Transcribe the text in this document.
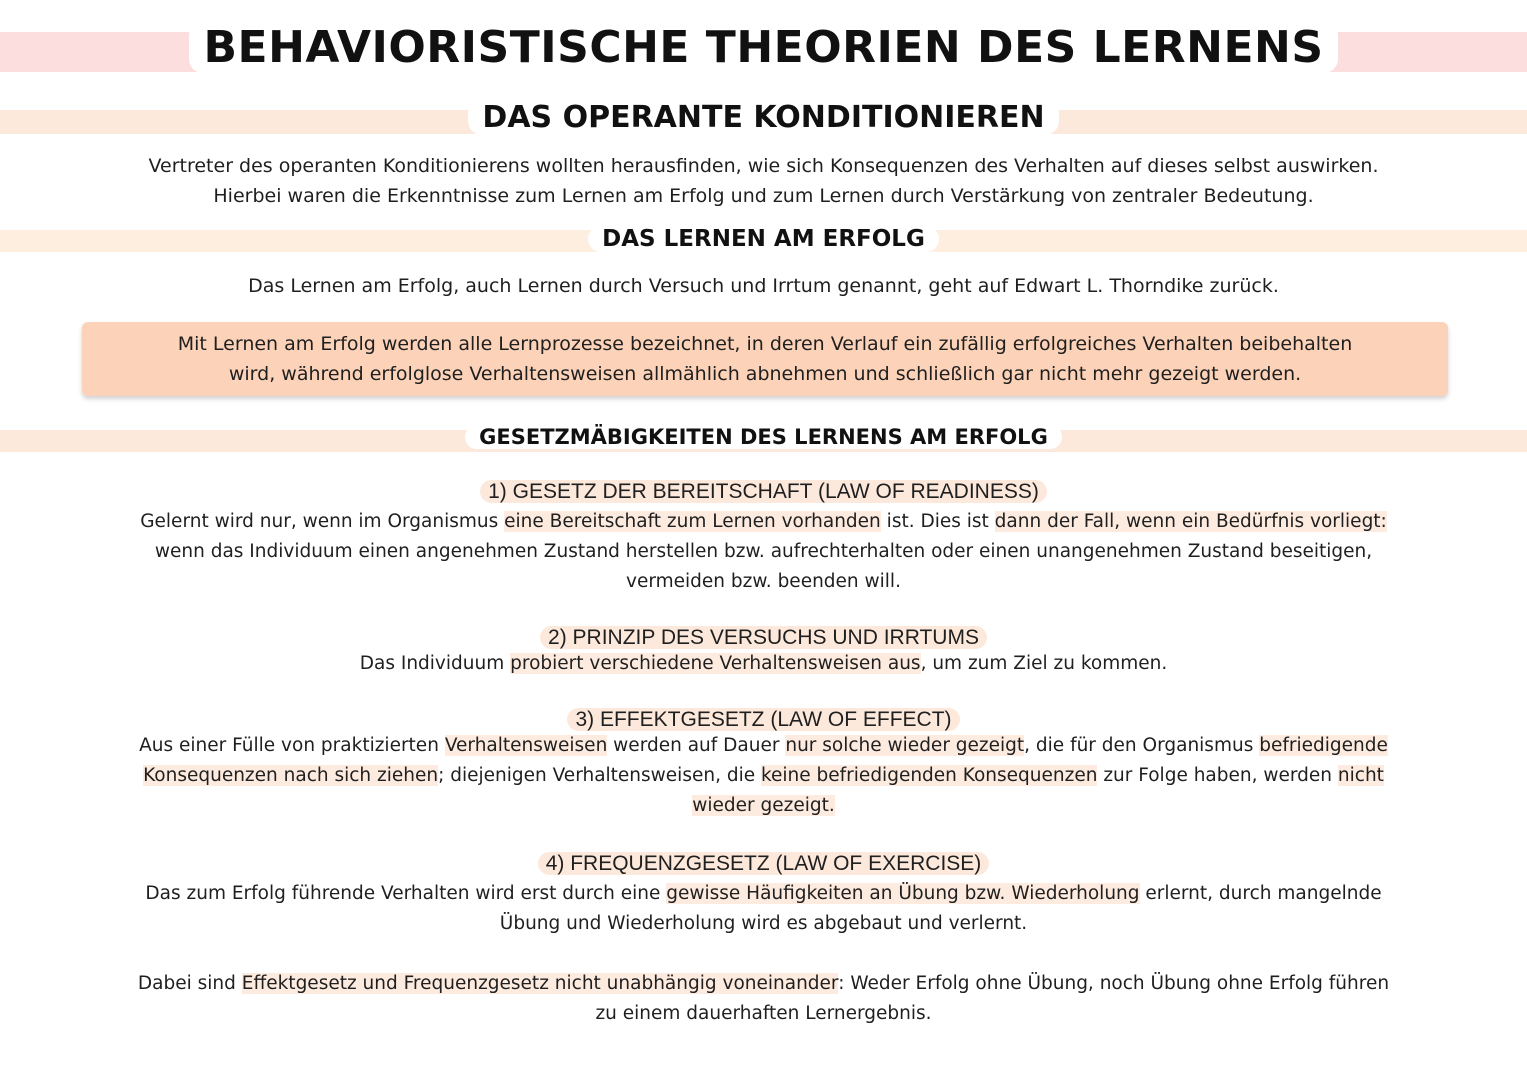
BEHAVIORISTISCHE THEORIEN DES LERNENS
DAS OPERANTE KONDITIONIEREN
Vertreter des operanten Konditionierens wollten herausfinden, wie sich Konsequenzen des Verhalten auf dieses selbst auswirken.
Hierbei waren die Erkenntnisse zum Lernen am Erfolg und zum Lernen durch Verstärkung von zentraler Bedeutung.
DAS LERNEN AM ERFOLG
Das Lernen am Erfolg, auch Lernen durch Versuch und Irrtum genannt, geht auf Edwart L. Thorndike zurück.
Mit Lernen am Erfolg werden alle Lernprozesse bezeichnet, in deren Verlauf ein zufällig erfolgreiches Verhalten beibehalten
wird, während erfolglose Verhaltensweisen allmählich abnehmen und schließlich gar nicht mehr gezeigt werden.
GESETZMÄBIGKEITEN DES LERNENS AM ERFOLG
1) GESETZ DER BEREITSCHAFT (LAW OF READINESS)
Gelernt wird nur, wenn im Organismus eine Bereitschaft zum Lernen vorhanden ist. Dies ist dann der Fall, wenn ein Bedürfnis vorliegt:
wenn das Individuum einen angenehmen Zustand herstellen bzw. aufrechterhalten oder einen unangenehmen Zustand beseitigen,
vermeiden bzw. beenden will.
2) PRINZIP DES VERSUCHS UND IRRTUMS
Das Individuum probiert verschiedene Verhaltensweisen aus, um zum Ziel zu kommen.
3) EFFEKTGESETZ (LAW OF EFFECT)
Aus einer Fülle von praktizierten Verhaltensweisen werden auf Dauer nur solche wieder gezeigt, die für den Organismus befriedigende
Konsequenzen nach sich ziehen; diejenigen Verhaltensweisen, die keine befriedigenden Konsequenzen zur Folge haben, werden nicht
wieder gezeigt.
4) FREQUENZGESETZ (LAW OF EXERCISE)
Das zum Erfolg führende Verhalten wird erst durch eine gewisse Häufigkeiten an Übung bzw. Wiederholung erlernt, durch mangelnde
Übung und Wiederholung wird es abgebaut und verlernt.
Dabei sind Effektgesetz und Frequenzgesetz nicht unabhängig voneinander: Weder Erfolg ohne Übung, noch Übung ohne Erfolg führen
zu einem dauerhaften Lernergebnis.
